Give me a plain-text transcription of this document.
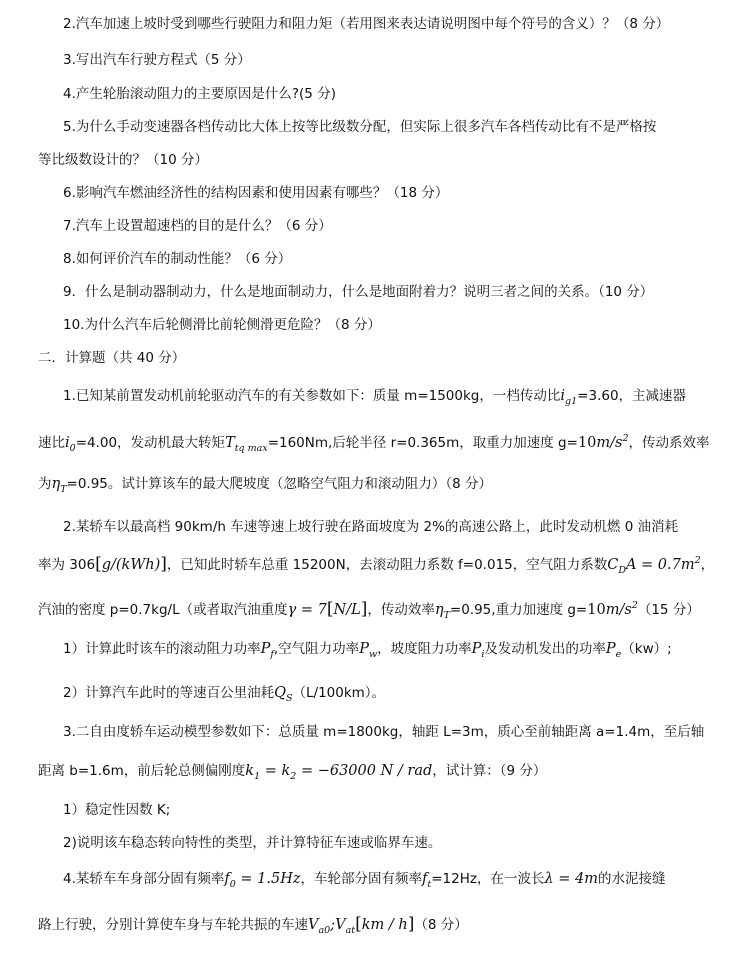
2.汽车加速上坡时受到哪些行驶阻力和阻力矩（若用图来表达请说明图中每个符号的含义）？（8 分）
3.写出汽车行驶方程式（5 分）
4.产生轮胎滚动阻力的主要原因是什么?(5 分)
5.为什么手动变速器各档传动比大体上按等比级数分配，但实际上很多汽车各档传动比有不是严格按
等比级数设计的？（10 分）
6.影响汽车燃油经济性的结构因素和使用因素有哪些？（18 分）
7.汽车上设置超速档的目的是什么？（6 分）
8.如何评价汽车的制动性能？（6 分）
9．什么是制动器制动力，什么是地面制动力，什么是地面附着力？说明三者之间的关系。（10 分）
10.为什么汽车后轮侧滑比前轮侧滑更危险？（8 分）
二．计算题（共 40 分）
1.已知某前置发动机前轮驱动汽车的有关参数如下：质量 m=1500kg，一档传动比$i_{g1}=3.60$，主减速器
速比$i_0=4.00$，发动机最大转矩$T_{tq max}=160Nm$,后轮半径 r=0.365m，取重力加速度 $g=10m/s^2$，传动系效率
为$\eta_T=0.95$。试计算该车的最大爬坡度（忽略空气阻力和滚动阻力）（8 分）
2.某轿车以最高档 90km/h 车速等速上坡行驶在路面坡度为 2%的高速公路上，此时发动机燃 0 油消耗
率为 306[g/(kWh)]，已知此时轿车总重 15200N，去滚动阻力系数 f=0.015，空气阻力系数$C_DA = 0.7m^2$，
汽油的密度 p=0.7kg/L（或者取汽油重度γ = 7[N/L]，传动效率$\eta_T=0.95$,重力加速度 $g=10m/s^2(15$ 分）
1）计算此时该车的滚动阻力功率$P_f$,空气阻力功率$P_w$，坡度阻力功率$P_i$及发动机发出的功率$P_e(kw)$;
2）计算汽车此时的等速百公里油耗$Q_S(L/100km)$。
3.二自由度轿车运动模型参数如下：总质量 m=1800kg，轴距 L=3m，质心至前轴距离 a=1.4m，至后轴
距离 b=1.6m，前后轮总侧偏刚度$k_1 = k_2 = -63000$ N / rad，试计算：（9 分）
1）稳定性因数 K;
2)说明该车稳态转向特性的类型，并计算特征车速或临界车速。
4.某轿车车身部分固有频率$f_0 = 1.5Hz$，车轮部分固有频率$f_t=12Hz$，在一波长λ = 4m的水泥接缝
路上行驶，分别计算使车身与车轮共振的车速$V_{a0};V_{at}[km / h](8$ 分）
